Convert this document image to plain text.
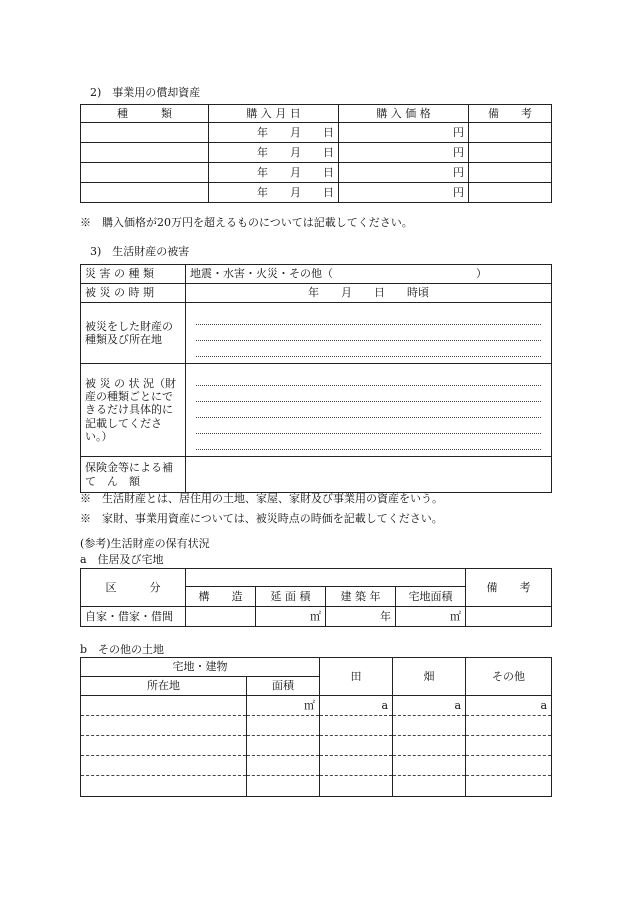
2)　事業用の償却資産
種　　　類	購 入 月 日	購 入 価 格	備　　考
	年　　月　　日	円	
	年　　月　　日	円	
	年　　月　　日	円	
	年　　月　　日	円	
※　購入価格が20万円を超えるものについては記載してください。
3)　生活財産の被害
災 害 の 種 類	地震・水害・火災・その他（　　　　　　　　　　　　　）
被 災 の 時 期	年　　月　　日　　時頃
被災をした財産の種類及び所在地	

被 災 の 状 況（財産の種類ごとにできるだけ具体的に記載してください。）	

保険金等による補　て　ん　額	
※　生活財産とは、居住用の土地、家屋、家財及び事業用の資産をいう。
※　家財、事業用資産については、被災時点の時価を記載してください。
(参考)生活財産の保有状況
a　住居及び宅地
区　　　分					備　　考
	構　　造	延 面 積	建 築 年	宅地面積	
自家・借家・借間		㎡	年	㎡	
b　その他の土地
宅地・建物		田	畑	その他
所在地	面積			
	㎡	a	a	a
